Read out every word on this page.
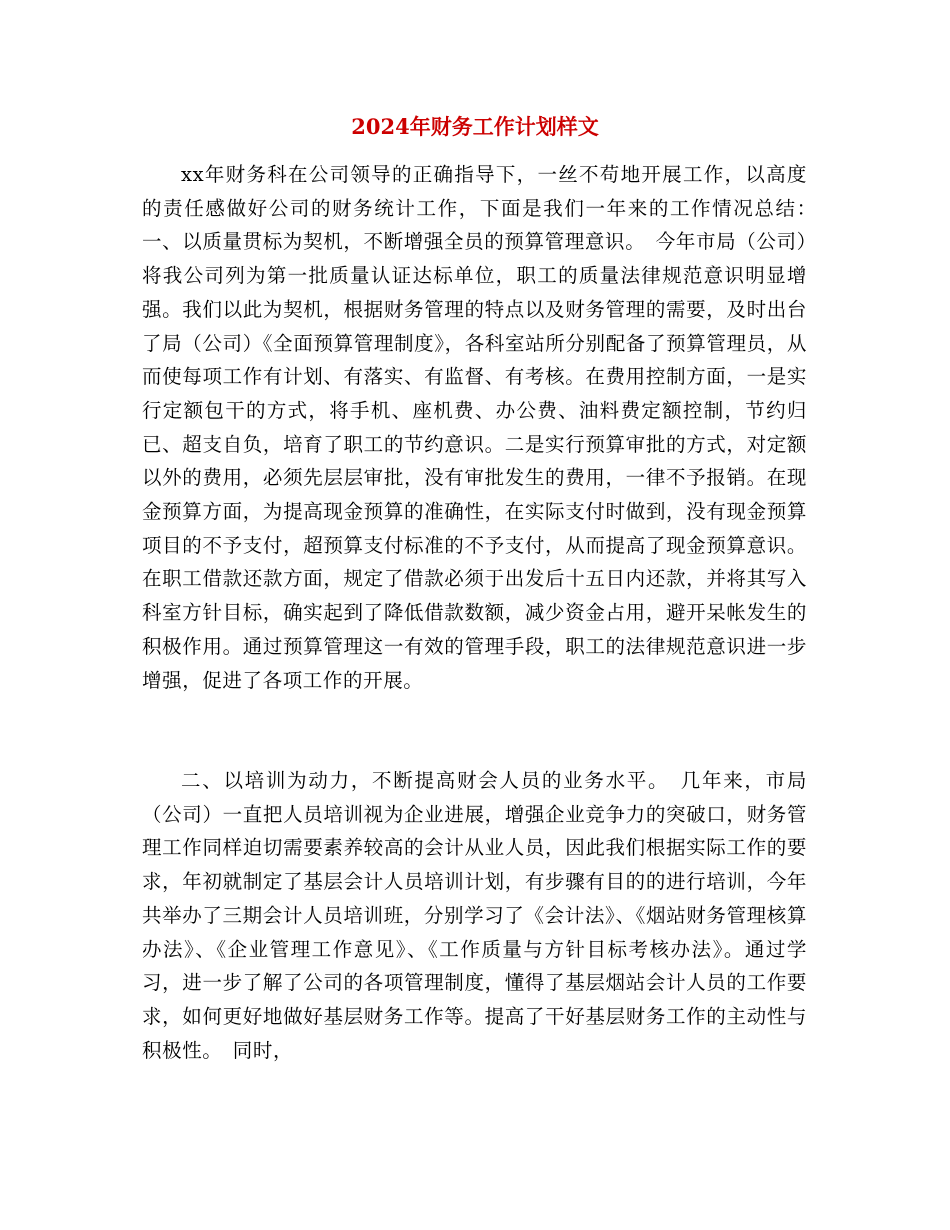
2024年财务工作计划样文

xx年财务科在公司领导的正确指导下，一丝不苟地开展工作，以高度的责任感做好公司的财务统计工作，下面是我们一年来的工作情况总结：　一、以质量贯标为契机，不断增强全员的预算管理意识。　今年市局（公司）将我公司列为第一批质量认证达标单位，职工的质量法律规范意识明显增强。我们以此为契机，根据财务管理的特点以及财务管理的需要，及时出台了局（公司）《全面预算管理制度》，各科室站所分别配备了预算管理员，从而使每项工作有计划、有落实、有监督、有考核。在费用控制方面，一是实行定额包干的方式，将手机、座机费、办公费、油料费定额控制，节约归已、超支自负，培育了职工的节约意识。二是实行预算审批的方式，对定额以外的费用，必须先层层审批，没有审批发生的费用，一律不予报销。在现金预算方面，为提高现金预算的准确性，在实际支付时做到，没有现金预算项目的不予支付，超预算支付标准的不予支付，从而提高了现金预算意识。在职工借款还款方面，规定了借款必须于出发后十五日内还款，并将其写入科室方针目标，确实起到了降低借款数额，减少资金占用，避开呆帐发生的积极作用。通过预算管理这一有效的管理手段，职工的法律规范意识进一步增强，促进了各项工作的开展。

二、以培训为动力，不断提高财会人员的业务水平。　几年来，市局（公司）一直把人员培训视为企业进展，增强企业竞争力的突破口，财务管理工作同样迫切需要素养较高的会计从业人员，因此我们根据实际工作的要求，年初就制定了基层会计人员培训计划，有步骤有目的的进行培训，今年共举办了三期会计人员培训班，分别学习了《会计法》、《烟站财务管理核算办法》、《企业管理工作意见》、《工作质量与方针目标考核办法》。通过学习，进一步了解了公司的各项管理制度，懂得了基层烟站会计人员的工作要求，如何更好地做好基层财务工作等。提高了干好基层财务工作的主动性与积极性。　同时，
